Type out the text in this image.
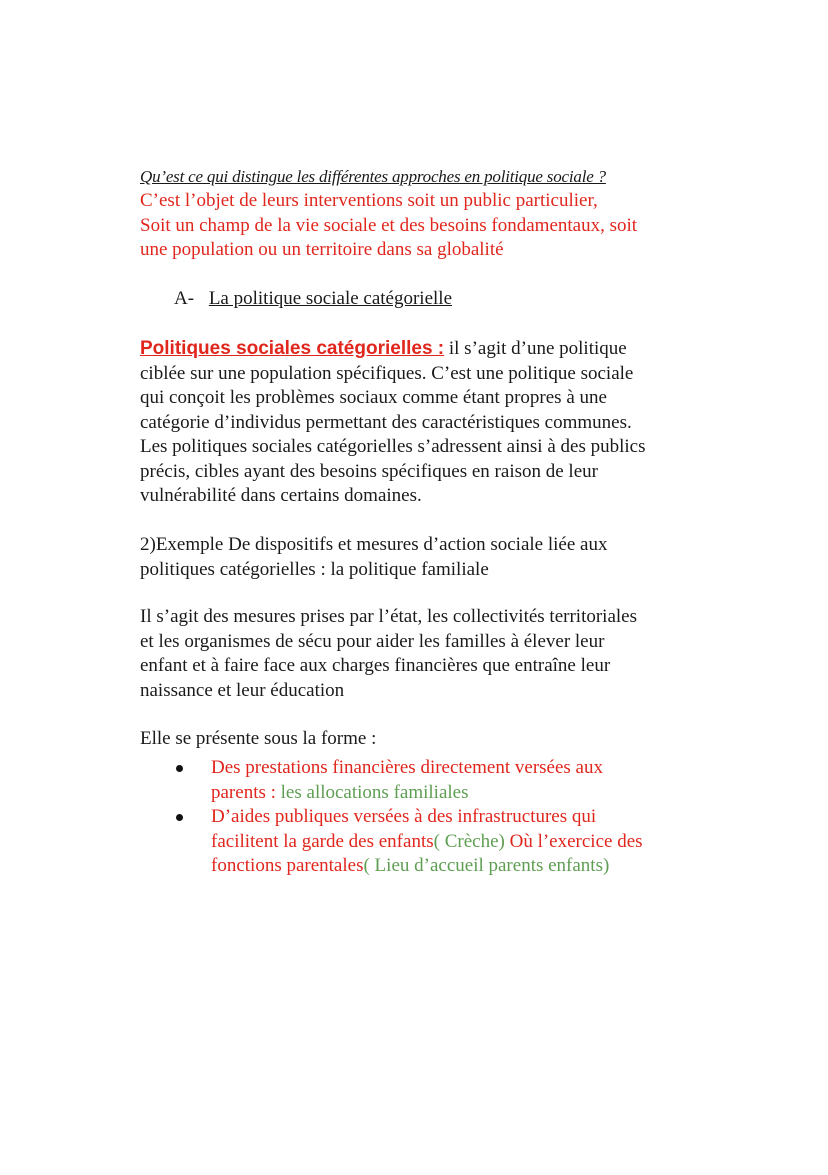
Qu’est ce qui distingue les différentes approches en politique sociale ?
C’est l’objet de leurs interventions soit un public particulier,
Soit un champ de la vie sociale et des besoins fondamentaux, soit
une population ou un territoire dans sa globalité
A- La politique sociale catégorielle
Politiques sociales catégorielles : il s’agit d’une politique
ciblée sur une population spécifiques. C’est une politique sociale
qui conçoit les problèmes sociaux comme étant propres à une
catégorie d’individus permettant des caractéristiques communes.
Les politiques sociales catégorielles s’adressent ainsi à des publics
précis, cibles ayant des besoins spécifiques en raison de leur
vulnérabilité dans certains domaines.
2)Exemple De dispositifs et mesures d’action sociale liée aux
politiques catégorielles : la politique familiale
Il s’agit des mesures prises par l’état, les collectivités territoriales
et les organismes de sécu pour aider les familles à élever leur
enfant et à faire face aux charges financières que entraîne leur
naissance et leur éducation
Elle se présente sous la forme :
Des prestations financières directement versées aux
parents : les allocations familiales
D’aides publiques versées à des infrastructures qui
facilitent la garde des enfants( Crèche) Où l’exercice des
fonctions parentales( Lieu d’accueil parents enfants)
